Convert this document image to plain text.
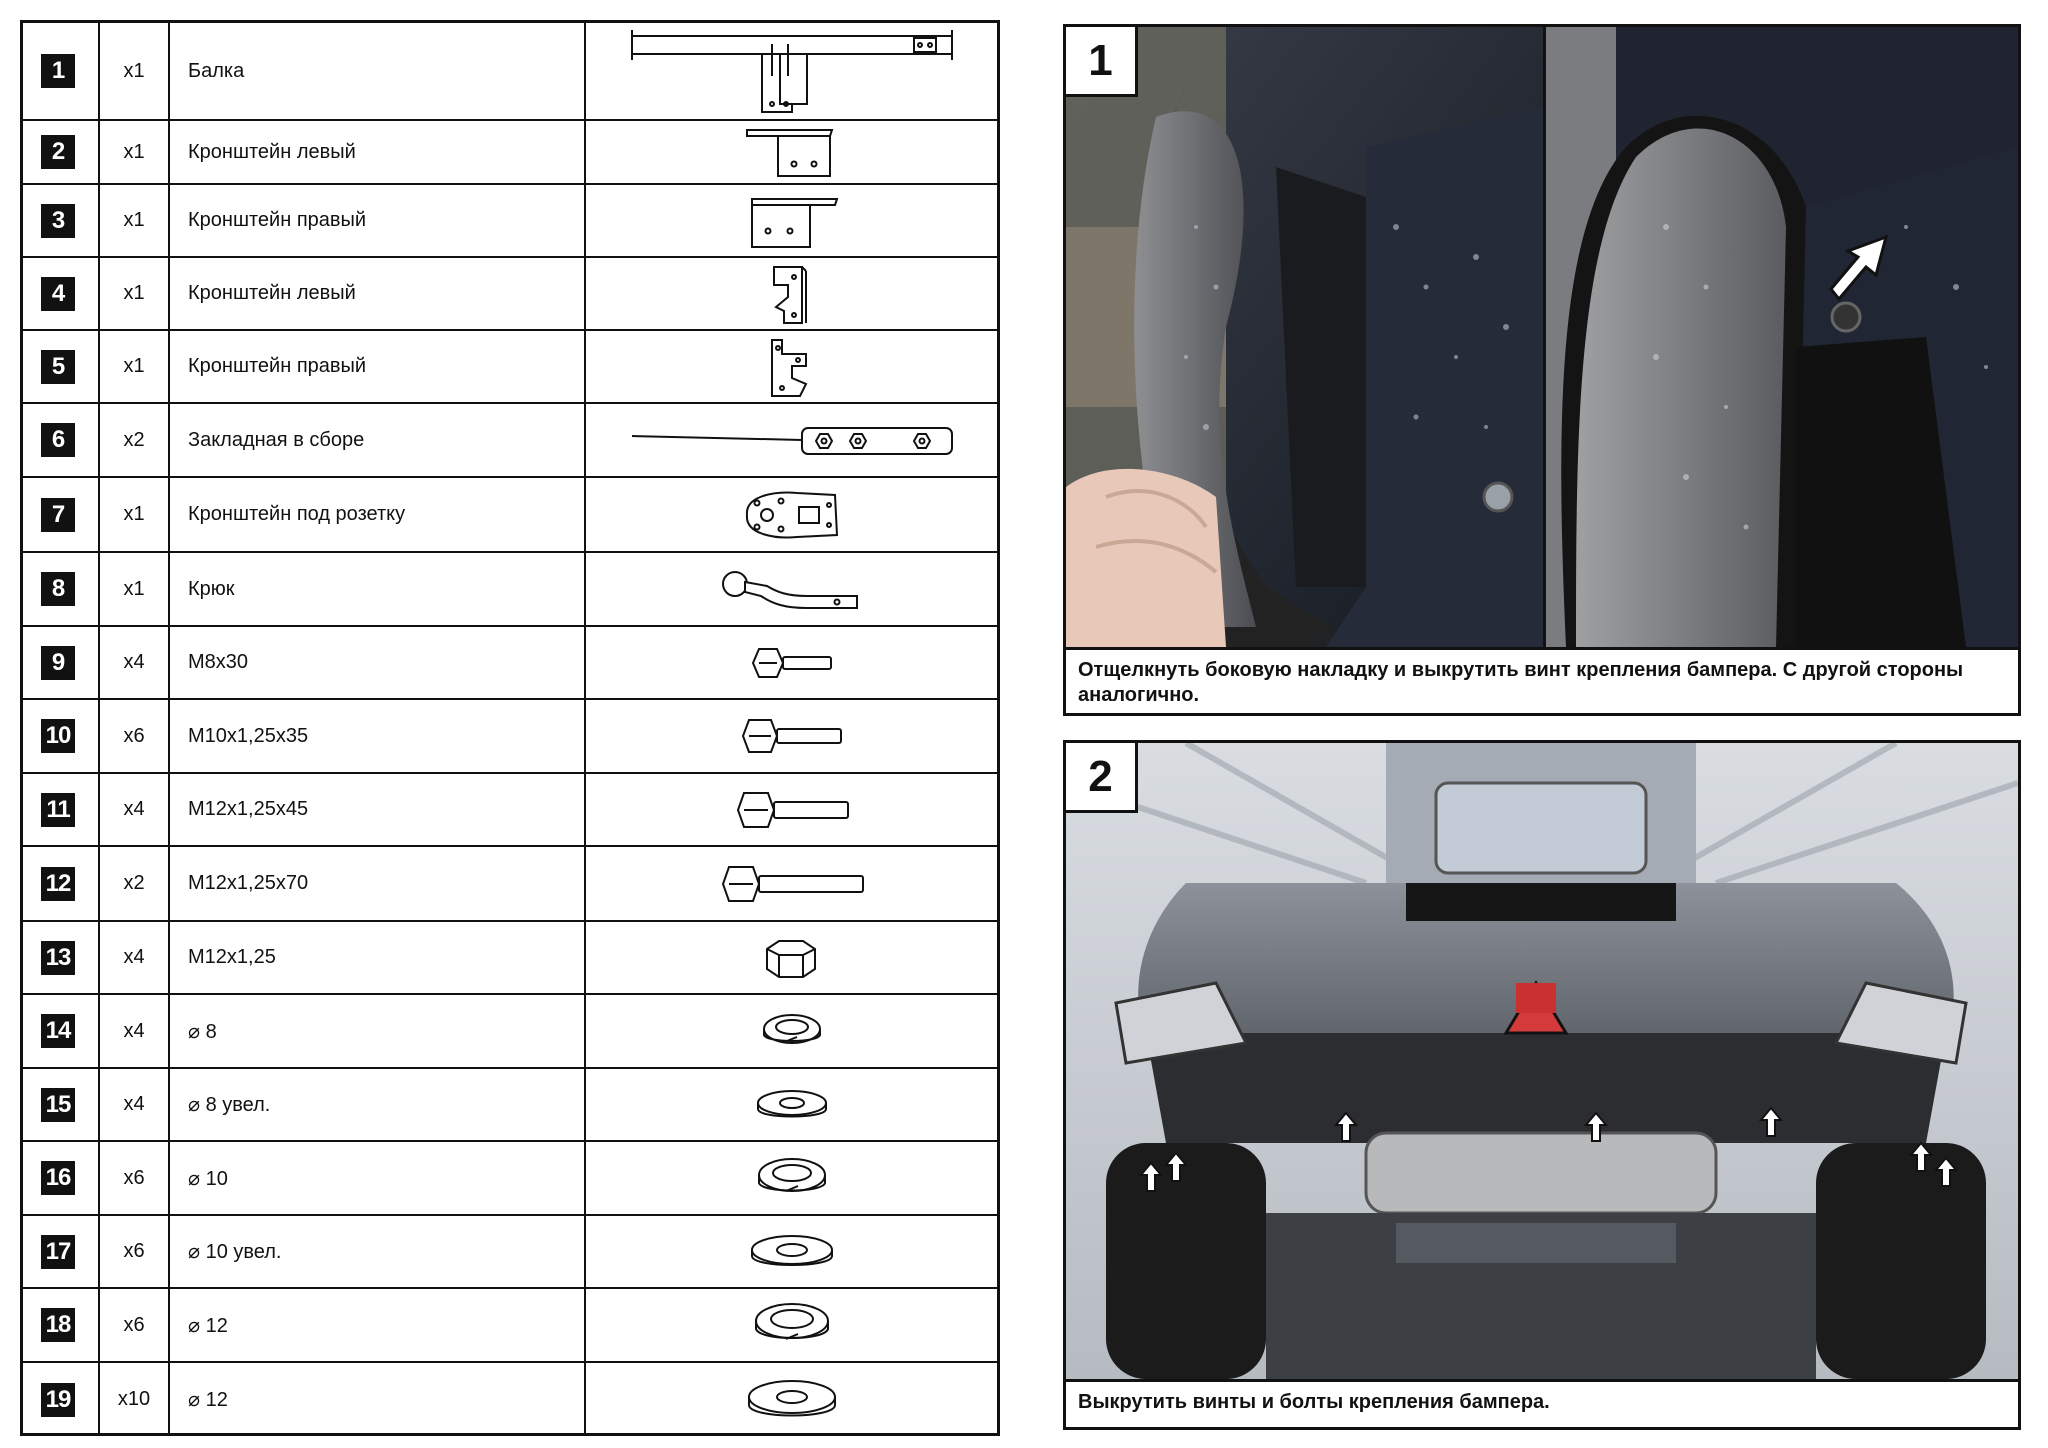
1	x1	Балка
2	x1	Кронштейн левый
3	x1	Кронштейн правый
4	x1	Кронштейн левый
5	x1	Кронштейн правый
6	x2	Закладная в сборе
7	x1	Кронштейн под розетку
8	x1	Крюк
9	x4	M8x30
10	x6	M10x1,25x35
11	x4	M12x1,25x45
12	x2	M12x1,25x70
13	x4	M12x1,25
14	x4	⌀ 8
15	x4	⌀ 8 увел.
16	x6	⌀ 10
17	x6	⌀ 10 увел.
18	x6	⌀ 12
19	x10	⌀ 12
1
Отщелкнуть боковую накладку и выкрутить винт крепления бампера. С другой стороны аналогично.
2
Выкрутить винты и болты крепления бампера.
